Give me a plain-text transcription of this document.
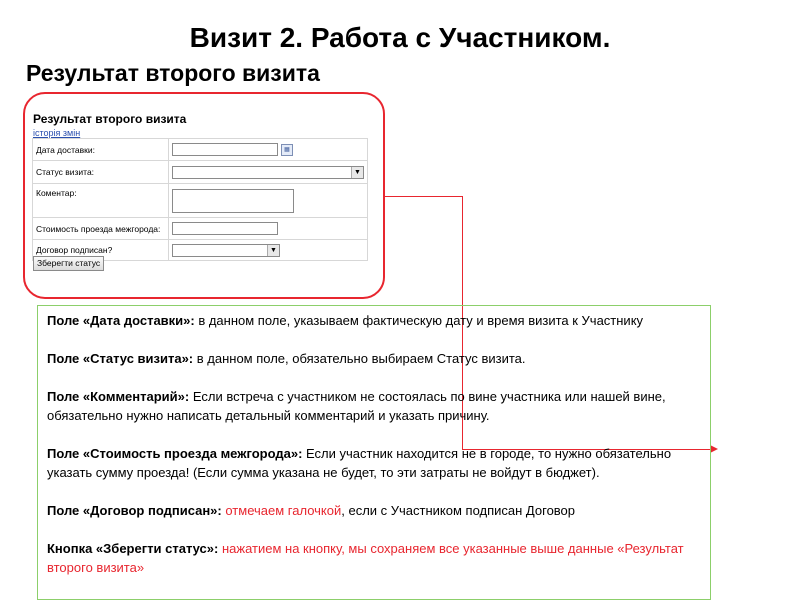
Визит 2. Работа с Участником.
Результат второго визита
Результат второго визита
історія змін
Дата доставки:	▦
Статус визита:	▼

Коментар:	
Стоимость проезда межгорода:	
Договор подписан?	▼
Зберегти статус

Поле «Дата доставки»: в данном поле, указываем фактическую дату и время визита к Участнику

Поле «Статус визита»: в данном поле, обязательно выбираем Статус визита.

Поле «Комментарий»: Если встреча с участником не состоялась по вине участника или нашей вине, обязательно нужно написать детальный комментарий и указать причину.

Поле «Стоимость проезда межгорода»: Если участник находится не в городе, то нужно обязательно указать сумму проезда! (Если сумма указана не будет, то эти затраты не войдут в бюджет).

Поле «Договор подписан»: отмечаем галочкой, если с Участником подписан Договор

Кнопка «Зберегти статус»: нажатием на кнопку, мы сохраняем все указанные выше данные «Результат второго визита»
